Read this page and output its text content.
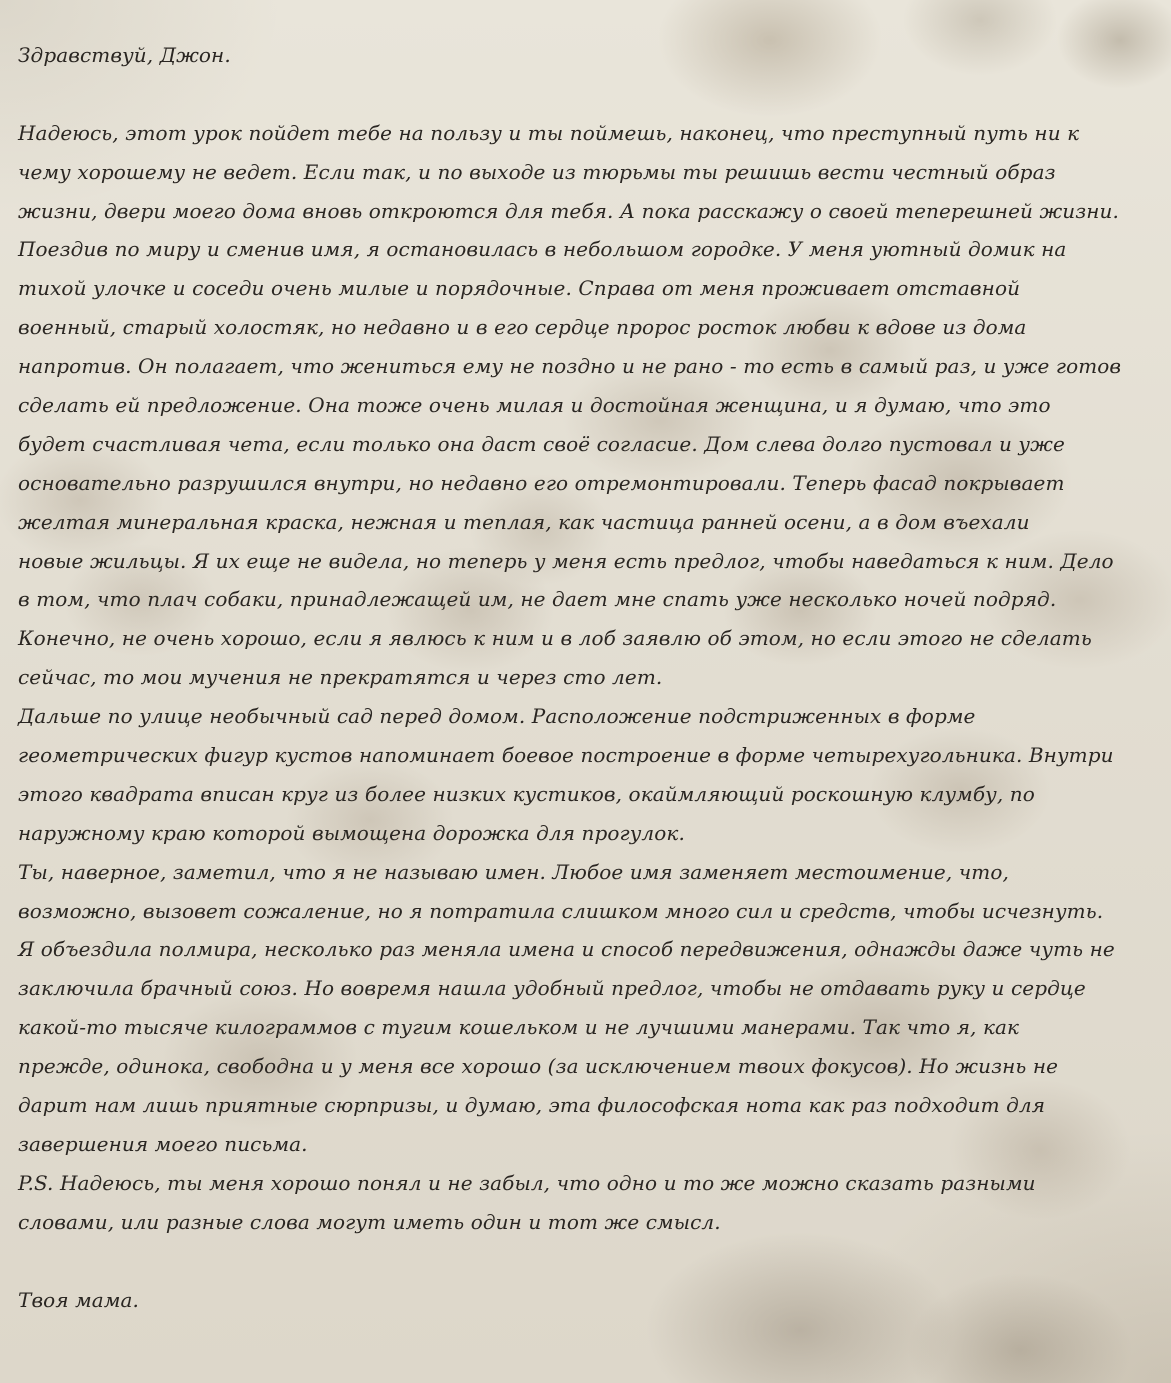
Здравствуй, Джон.
Надеюсь, этот урок пойдет тебе на пользу и ты поймешь, наконец, что преступный путь ни к
чему хорошему не ведет. Если так, и по выходе из тюрьмы ты решишь вести честный образ
жизни, двери моего дома вновь откроются для тебя. А пока расскажу о своей теперешней жизни.
Поездив по миру и сменив имя, я остановилась в небольшом городке. У меня уютный домик на
тихой улочке и соседи очень милые и порядочные. Справа от меня проживает отставной
военный, старый холостяк, но недавно и в его сердце пророс росток любви к вдове из дома
напротив. Он полагает, что жениться ему не поздно и не рано - то есть в самый раз, и уже готов
сделать ей предложение. Она тоже очень милая и достойная женщина, и я думаю, что это
будет счастливая чета, если только она даст своё согласие. Дом слева долго пустовал и уже
основательно разрушился внутри, но недавно его отремонтировали. Теперь фасад покрывает
желтая минеральная краска, нежная и теплая, как частица ранней осени, а в дом въехали
новые жильцы. Я их еще не видела, но теперь у меня есть предлог, чтобы наведаться к ним. Дело
в том, что плач собаки, принадлежащей им, не дает мне спать уже несколько ночей подряд.
Конечно, не очень хорошо, если я явлюсь к ним и в лоб заявлю об этом, но если этого не сделать
сейчас, то мои мучения не прекратятся и через сто лет.
Дальше по улице необычный сад перед домом. Расположение подстриженных в форме
геометрических фигур кустов напоминает боевое построение в форме четырехугольника. Внутри
этого квадрата вписан круг из более низких кустиков, окаймляющий роскошную клумбу, по
наружному краю которой вымощена дорожка для прогулок.
Ты, наверное, заметил, что я не называю имен. Любое имя заменяет местоимение, что,
возможно, вызовет сожаление, но я потратила слишком много сил и средств, чтобы исчезнуть.
Я объездила полмира, несколько раз меняла имена и способ передвижения, однажды даже чуть не
заключила брачный союз. Но вовремя нашла удобный предлог, чтобы не отдавать руку и сердце
какой-то тысяче килограммов с тугим кошельком и не лучшими манерами. Так что я, как
прежде, одинока, свободна и у меня все хорошо (за исключением твоих фокусов). Но жизнь не
дарит нам лишь приятные сюрпризы, и думаю, эта философская нота как раз подходит для
завершения моего письма.
P.S. Надеюсь, ты меня хорошо понял и не забыл, что одно и то же можно сказать разными
словами, или разные слова могут иметь один и тот же смысл.
Твоя мама.
